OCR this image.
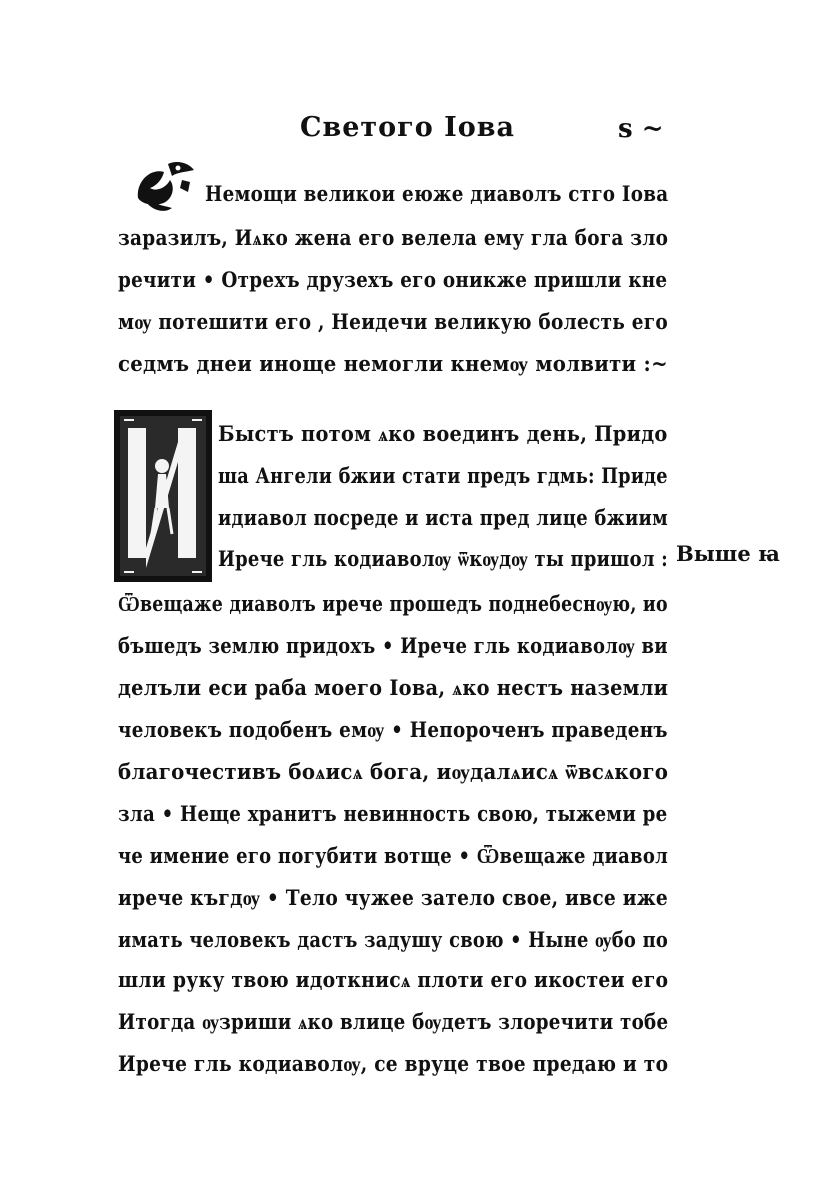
Светого Іова	ѕ ~
Немощи великои еюже диаволъ стго Іова
заразилъ, Иѧко жена его велела ему гла бога зло
речити • Отрехъ друзехъ его оникже пришли кне
мѹ потешити его , Неидечи великую болесть его
седмъ днеи иноще немогли кнемѹ молвити :~
Быстъ потом ѧко воединъ день, Придо
ша Ангели бжии стати предъ гдмь: Приде
идиавол посреде и иста пред лице бжиим
Иречe гль кодиаволѹ ѿкѹдѹ ты пришол :
Ѿвещаже диаволъ иречe прошедъ поднебеснѹю, ио
бъшедъ землю придохъ • Иречe гль кодиаволѹ ви
делъли еси раба моего Іова, ѧко нестъ наземли
человекъ подобенъ емѹ • Непорочeнъ праведенъ
благочестивъ боѧисѧ бога, иѹдалѧисѧ ѿвсѧкого
зла • Неще хранитъ невинность свою, тыжеми ре
че имение его погубити вотще • Ѿвещаже диавол
иречe къгдѹ • Тело чужее зателo свое, ивсе иже
имать человекъ дастъ задушу свою • Ныне ѹбо по
шли руку твою идоткнисѧ плоти его икостеи его
Итогда ѹзриши ѧко влице бѹдетъ злоречити тобе
Иречe гль кодиаволѹ, се вруце твое предаю и то
Выше ꙗ
